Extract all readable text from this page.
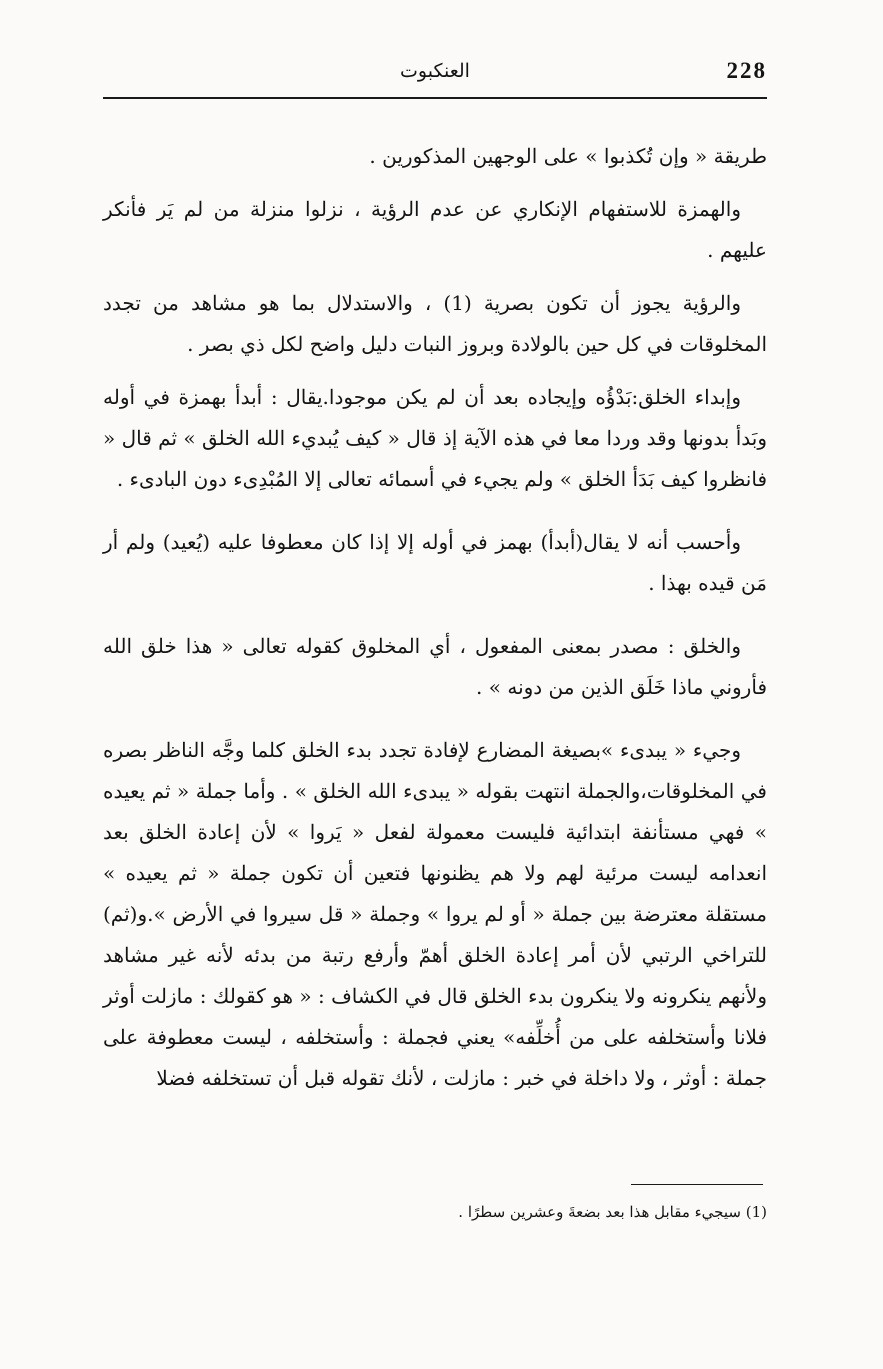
228
العنكبوت

طريقة « وإن تُكذبوا » على الوجهين المذكورين .

والهمزة للاستفهام الإنكاري عن عدم الرؤية ، نزلوا منزلة من لم يَر فأنكر عليهم .

والرؤية يجوز أن تكون بصرية (1) ، والاستدلال بما هو مشاهد من تجدد المخلوقات في كل حين بالولادة وبروز النبات دليل واضح لكل ذي بصر .

وإبداء الخلق:بَدْؤُه وإيجاده بعد أن لم يكن موجودا.يقال : أبدأ بهمزة في أوله وبَدأ بدونها وقد وردا معا في هذه الآية إذ قال « كيف يُبديء الله الخلق » ثم قال « فانظروا كيف بَدَأ الخلق » ولم يجيء في أسمائه تعالى إلا المُبْدِىء دون البادىء .

وأحسب أنه لا يقال(أبدأ) بهمز في أوله إلا إذا كان معطوفا عليه (يُعيد) ولم أر مَن قيده بهذا .

والخلق : مصدر بمعنى المفعول ، أي المخلوق كقوله تعالى « هذا خلق الله فأروني ماذا خَلَق الذين من دونه » .

وجيء « يبدىء »بصيغة المضارع لإفادة تجدد بدء الخلق كلما وجَّه الناظر بصره في المخلوقات،والجملة انتهت بقوله « يبدىء الله الخلق » . وأما جملة « ثم يعيده » فهي مستأنفة ابتدائية فليست معمولة لفعل « يَروا » لأن إعادة الخلق بعد انعدامه ليست مرئية لهم ولا هم يظنونها فتعين أن تكون جملة « ثم يعيده » مستقلة معترضة بين جملة « أو لم يروا » وجملة « قل سيروا في الأرض ».و(ثم) للتراخي الرتبي لأن أمر إعادة الخلق أهمّ وأرفع رتبة من بدئه لأنه غير مشاهد ولأنهم ينكرونه ولا ينكرون بدء الخلق قال في الكشاف : « هو كقولك : مازلت أوثر فلانا وأستخلفه على من أُخلِّفه» يعني فجملة : وأستخلفه ، ليست معطوفة على جملة : أوثر ، ولا داخلة في خبر : مازلت ، لأنك تقوله قبل أن تستخلفه فضلا

(1) سيجيء مقابل هذا بعد بضعةَ وعشرين سطرًا .
